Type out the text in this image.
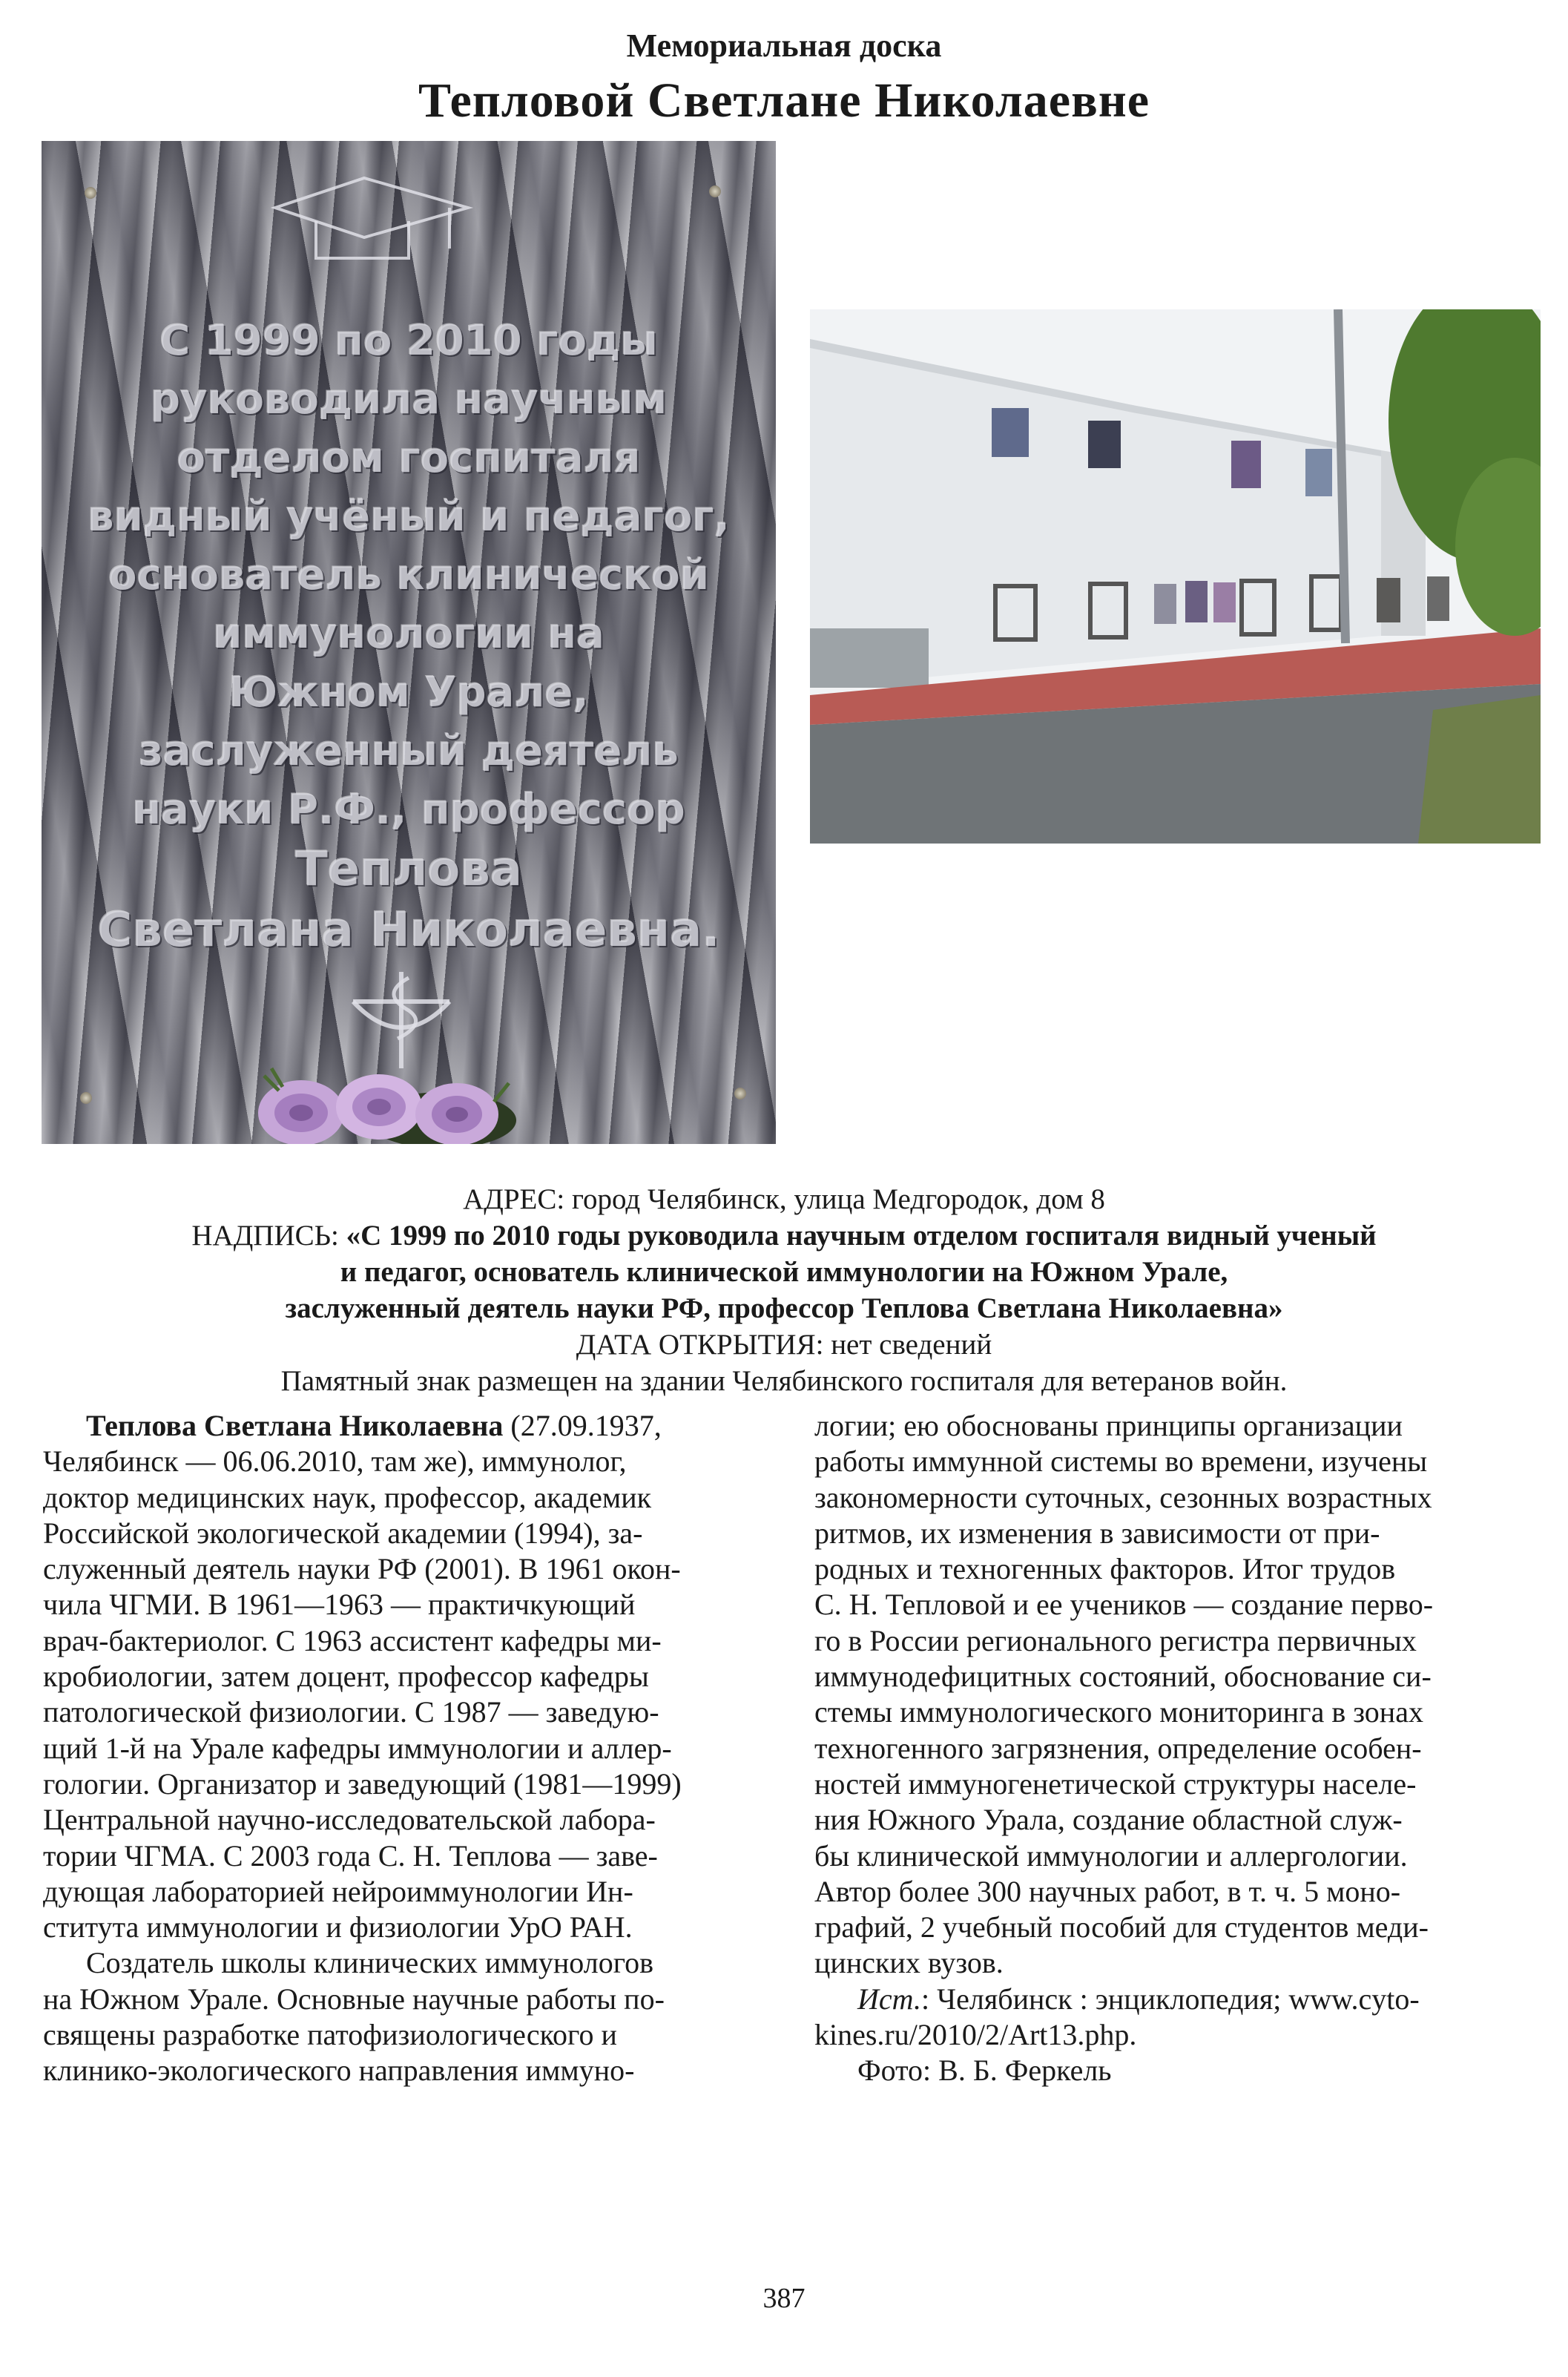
Мемориальная доска
Тепловой Светлане Николаевне
С 1999 по 2010 годы
руководила научным
отделом госпиталя
видный учёный и педагог,
основатель клинической
иммунологии на
Южном Урале,
заслуженный деятель
науки Р.Ф., профессор
Теплова
Светлана Николаевна.
АДРЕС: город Челябинск, улица Медгородок, дом 8
НАДПИСЬ: «С 1999 по 2010 годы руководила научным отделом госпиталя видный ученый
и педагог, основатель клинической иммунологии на Южном Урале,
заслуженный деятель науки РФ, профессор Теплова Светлана Николаевна»
ДАТА ОТКРЫТИЯ: нет сведений
Памятный знак размещен на здании Челябинского госпиталя для ветеранов войн.

Теплова Светлана Николаевна (27.09.1937,

Челябинск — 06.06.2010, там же), иммунолог,

доктор медицинских наук, профессор, академик

Российской экологической академии (1994), за-

служенный деятель науки РФ (2001). В 1961 окон-

чила ЧГМИ. В 1961—1963 — практичкующий

врач-бактериолог. С 1963 ассистент кафедры ми-

кробиологии, затем доцент, профессор кафедры

патологической физиологии. С 1987 — заведую-

щий 1-й на Урале кафедры иммунологии и аллер-

гологии. Организатор и заведующий (1981—1999)

Центральной научно-исследовательской лабора-

тории ЧГМА. С 2003 года С. Н. Теплова — заве-

дующая лабораторией нейроиммунологии Ин-

ститута иммунологии и физиологии УрО РАН.

Создатель школы клинических иммунологов

на Южном Урале. Основные научные работы по-

священы разработке патофизиологического и

клинико-экологического направления иммуно-

логии; ею обоснованы принципы организации

работы иммунной системы во времени, изучены

закономерности суточных, сезонных возрастных

ритмов, их изменения в зависимости от при-

родных и техногенных факторов. Итог трудов

С. Н. Тепловой и ее учеников — создание перво-

го в России регионального регистра первичных

иммунодефицитных состояний, обоснование си-

стемы иммунологического мониторинга в зонах

техногенного загрязнения, определение особен-

ностей иммуногенетической структуры населе-

ния Южного Урала, создание областной служ-

бы клинической иммунологии и аллергологии.

Автор более 300 научных работ, в т. ч. 5 моно-

графий, 2 учебный пособий для студентов меди-

цинских вузов.

Ист.: Челябинск : энциклопедия; www.cyto-

kines.ru/2010/2/Art13.php.

Фото: В. Б. Феркель

387
